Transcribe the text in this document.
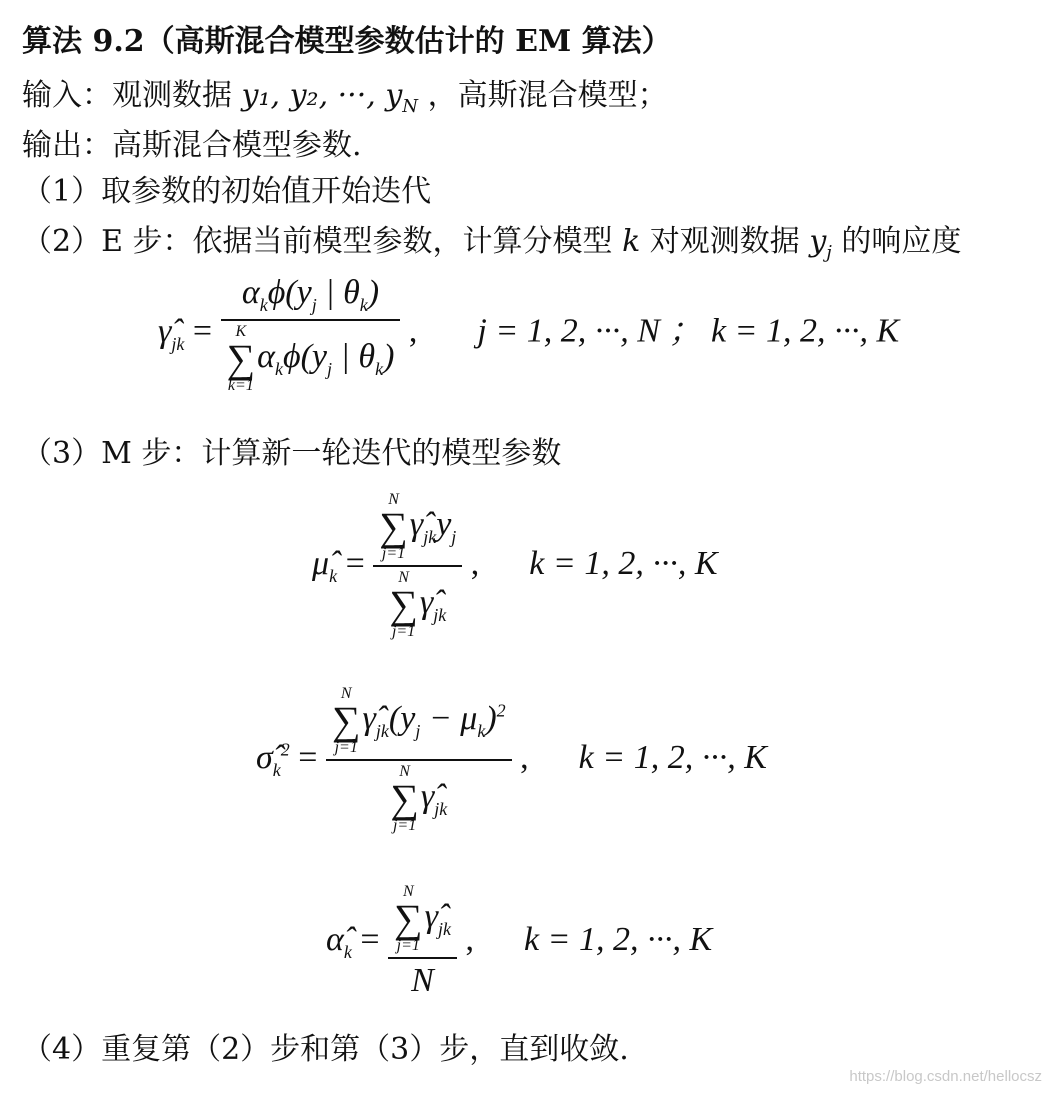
算法 9.2（高斯混合模型参数估计的 EM 算法）
输入：观测数据 y₁, y₂, ···, $y_N$ ，高斯混合模型；
输出：高斯混合模型参数.
（1）取参数的初始值开始迭代
（2）E 步：依据当前模型参数，计算分模型 k 对观测数据 $y_j$ 的响应度
$\gammâ_{jk} = \alpha_k\phi(y_j$ | $\theta_k$)
K
∑
k=1
$\alpha_k\phi(y_j$ | $\theta_k$) , j = 1, 2, ···, N ； k = 1, 2, ···, K
（3）M 步：计算新一轮迭代的模型参数
$\mû_k = N$
∑
j=1
$\gammâ_{jk}y_j$
N
∑
j=1
$\gammâ_{jk}$ , k = 1, 2, ···, K
$\sigmâ_k^2 = N$
∑
j=1
$\gammâ_{jk}(y_j - \mu_k)^2$
N
∑
j=1
$\gammâ_{jk}$ , k = 1, 2, ···, K
$\alphâ_k = N$
∑
j=1
$\gammâ_{jk}$
N , k = 1, 2, ···, K
（4）重复第（2）步和第（3）步，直到收敛.
https://blog.csdn.net/hellocsz
